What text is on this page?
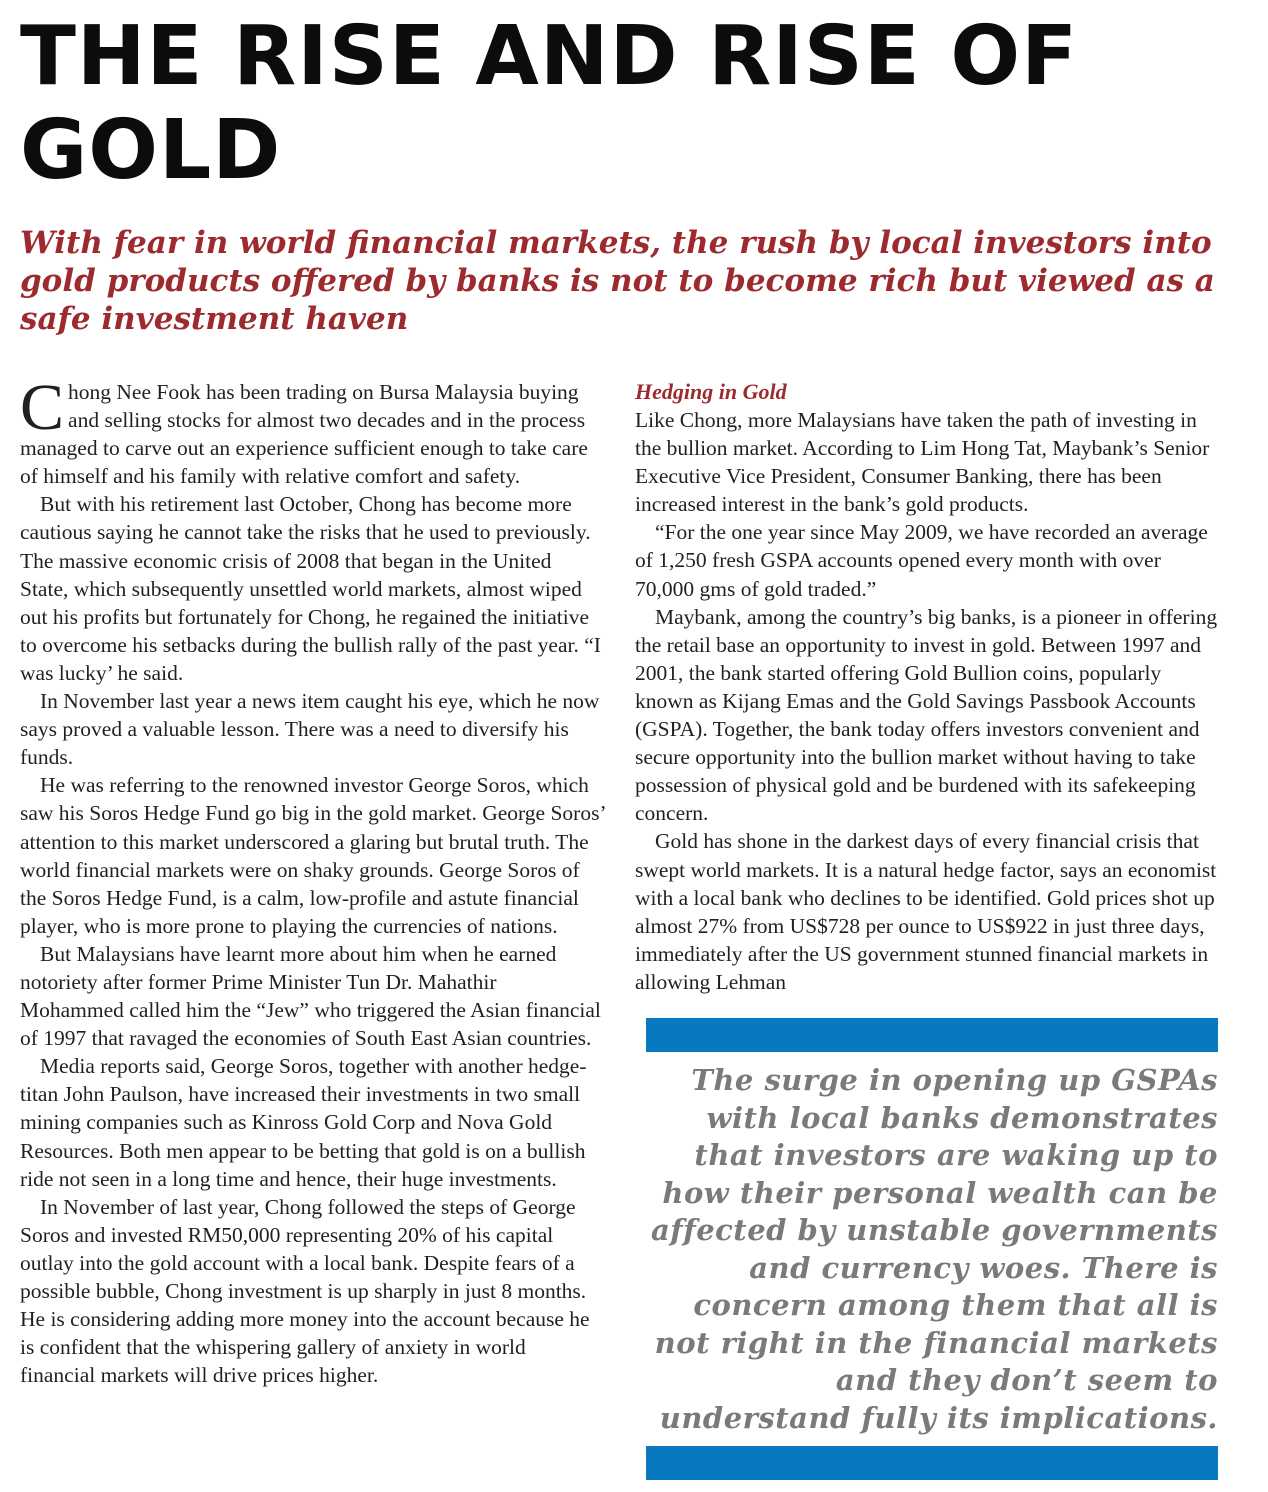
THE RISE AND RISE OF GOLD

With fear in world financial markets, the rush by local investors into gold products offered by banks is not to become rich but viewed as a safe investment haven

Chong Nee Fook has been trading on Bursa Malaysia buying and selling stocks for almost two decades and in the process managed to carve out an experience sufficient enough to take care of himself and his family with relative comfort and safety.

But with his retirement last October, Chong has become more cautious saying he cannot take the risks that he used to previously. The massive economic crisis of 2008 that began in the United State, which subsequently unsettled world markets, almost wiped out his profits but fortunately for Chong, he regained the initiative to overcome his setbacks during the bullish rally of the past year. “I was lucky’ he said.

In November last year a news item caught his eye, which he now says proved a valuable lesson. There was a need to diversify his funds.

He was referring to the renowned investor George Soros, which saw his Soros Hedge Fund go big in the gold market. George Soros’ attention to this market underscored a glaring but brutal truth. The world financial markets were on shaky grounds. George Soros of the Soros Hedge Fund, is a calm, low-profile and astute financial player, who is more prone to playing the currencies of nations.

But Malaysians have learnt more about him when he earned notoriety after former Prime Minister Tun Dr. Mahathir Mohammed called him the “Jew” who triggered the Asian financial of 1997 that ravaged the economies of South East Asian countries.

Media reports said, George Soros, together with another hedge-titan John Paulson, have increased their investments in two small mining companies such as Kinross Gold Corp and Nova Gold Resources. Both men appear to be betting that gold is on a bullish ride not seen in a long time and hence, their huge investments.

In November of last year, Chong followed the steps of George Soros and invested RM50,000 representing 20% of his capital outlay into the gold account with a local bank. Despite fears of a possible bubble, Chong investment is up sharply in just 8 months. He is considering adding more money into the account because he is confident that the whispering gallery of anxiety in world financial markets will drive prices higher.

Hedging in Gold

Like Chong, more Malaysians have taken the path of investing in the bullion market. According to Lim Hong Tat, Maybank’s Senior Executive Vice President, Consumer Banking, there has been increased interest in the bank’s gold products.

“For the one year since May 2009, we have recorded an average of 1,250 fresh GSPA accounts opened every month with over 70,000 gms of gold traded.”

Maybank, among the country’s big banks, is a pioneer in offering the retail base an opportunity to invest in gold. Between 1997 and 2001, the bank started offering Gold Bullion coins, popularly known as Kijang Emas and the Gold Savings Passbook Accounts (GSPA). Together, the bank today offers investors convenient and secure opportunity into the bullion market without having to take possession of physical gold and be burdened with its safekeeping concern.

Gold has shone in the darkest days of every financial crisis that swept world markets. It is a natural hedge factor, says an economist with a local bank who declines to be identified. Gold prices shot up almost 27% from US$728 per ounce to US$922 in just three days, immediately after the US government stunned financial markets in allowing Lehman

The surge in opening up GSPAs with local banks demonstrates that investors are waking up to how their personal wealth can be affected by unstable governments and currency woes. There is concern among them that all is not right in the financial markets and they don’t seem to understand fully its implications.
